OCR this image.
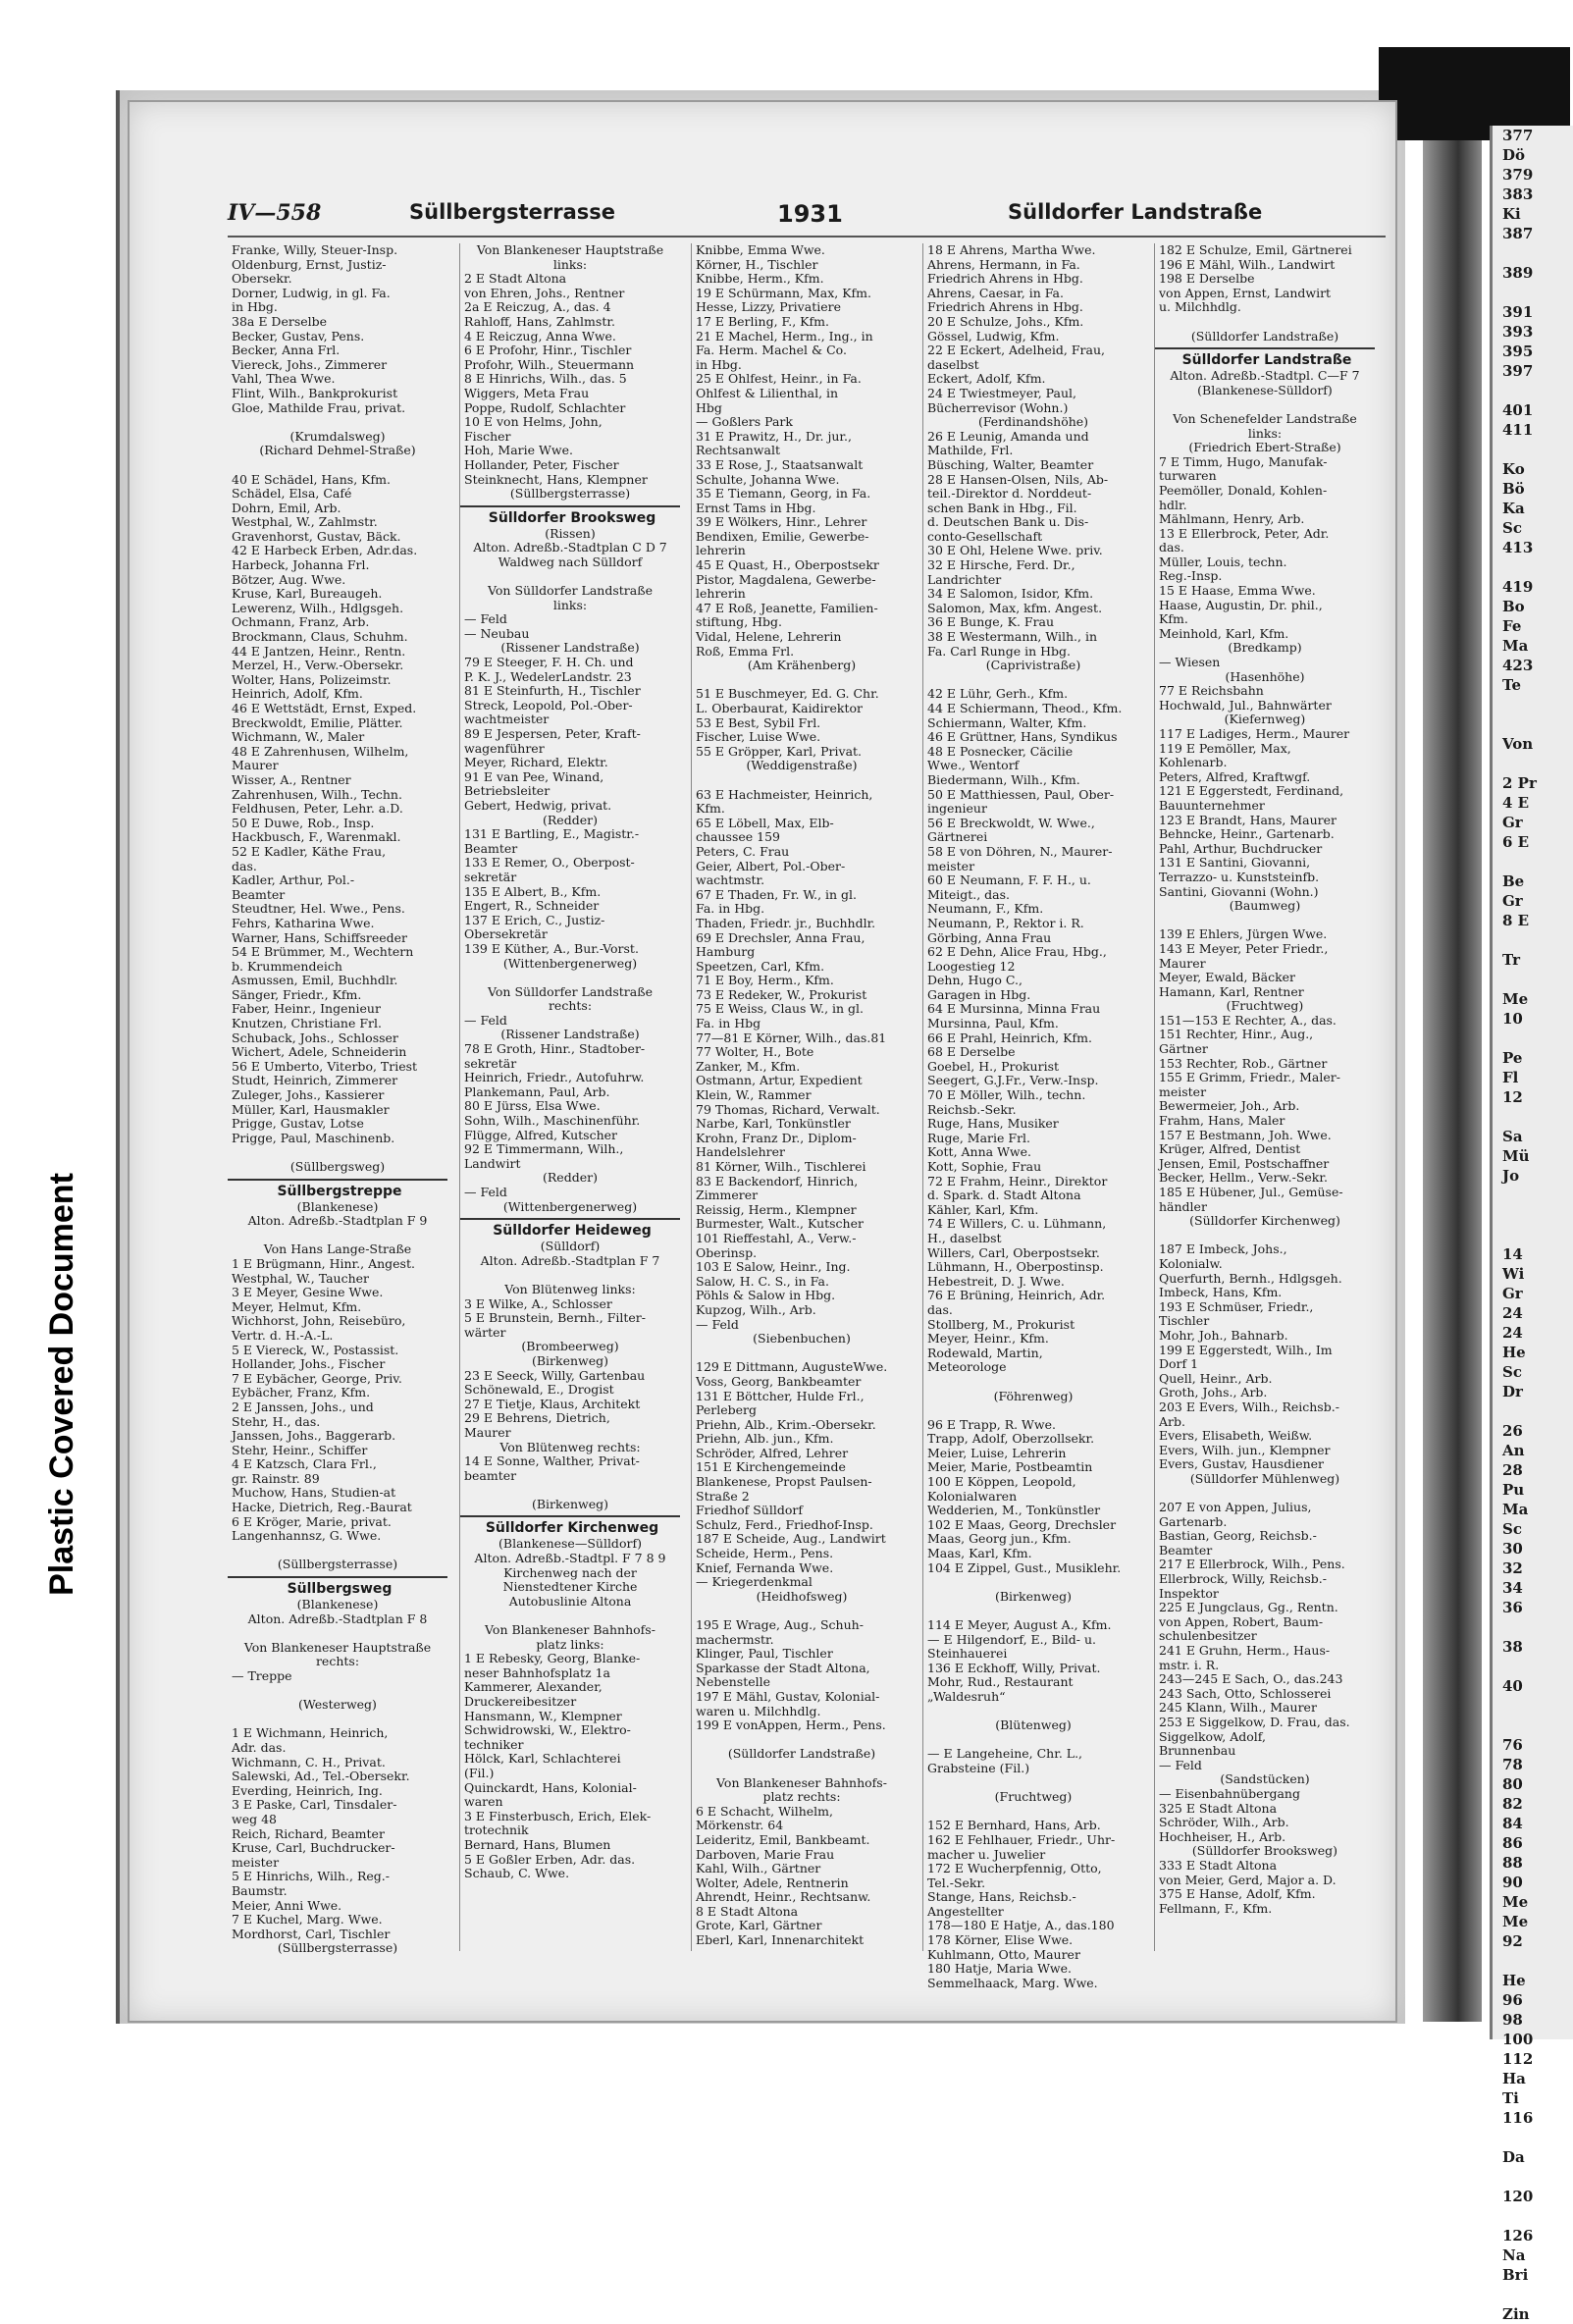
377
Dö
379
383
Ki
387

389

391
393
395
397

401
411

Ko
Bö
Ka
Sc
413

419
Bo
Fe
Ma
423
Te

Von

2 Pr
4 E
Gr
6 E

Be
Gr
8 E

Tr

Me
10

Pe
Fl
12

Sa
Mü
Jo

14
Wi
Gr
24
24
He
Sc
Dr

26
An
28
Pu
Ma
Sc
30
32
34
36

38

40

76
78
80
82
84
86
88
90
Me
Me
92

He
96
98
100
112
Ha
Ti
116

Da

120

126
Na
Bri

Zin
Plastic Covered Document
IV—558	Süllbergsterrasse	1931	Sülldorfer Landstraße
Franke, Willy, Steuer-Insp.
Oldenburg, Ernst, Justiz-
Obersekr.
Dorner, Ludwig, in gl. Fa.
in Hbg.
38a E Derselbe
Becker, Gustav, Pens.
Becker, Anna Frl.
Viereck, Johs., Zimmerer
Vahl, Thea Wwe.
Flint, Wilh., Bankprokurist
Gloe, Mathilde Frau, privat.

(Krumdalsweg)
(Richard Dehmel-Straße)

40 E Schädel, Hans, Kfm.
Schädel, Elsa, Café
Dohrn, Emil, Arb.
Westphal, W., Zahlmstr.
Gravenhorst, Gustav, Bäck.
42 E Harbeck Erben, Adr.das.
Harbeck, Johanna Frl.
Bötzer, Aug. Wwe.
Kruse, Karl, Bureaugeh.
Lewerenz, Wilh., Hdlgsgeh.
Ochmann, Franz, Arb.
Brockmann, Claus, Schuhm.
44 E Jantzen, Heinr., Rentn.
Merzel, H., Verw.-Obersekr.
Wolter, Hans, Polizeimstr.
Heinrich, Adolf, Kfm.
46 E Wettstädt, Ernst, Exped.
Breckwoldt, Emilie, Plätter.
Wichmann, W., Maler
48 E Zahrenhusen, Wilhelm,
Maurer
Wisser, A., Rentner
Zahrenhusen, Wilh., Techn.
Feldhusen, Peter, Lehr. a.D.
50 E Duwe, Rob., Insp.
Hackbusch, F., Warenmakl.
52 E Kadler, Käthe Frau,
das.
Kadler, Arthur, Pol.-
Beamter
Steudtner, Hel. Wwe., Pens.
Fehrs, Katharina Wwe.
Warner, Hans, Schiffsreeder
54 E Brümmer, M., Wechtern
b. Krummendeich
Asmussen, Emil, Buchhdlr.
Sänger, Friedr., Kfm.
Faber, Heinr., Ingenieur
Knutzen, Christiane Frl.
Schuback, Johs., Schlosser
Wichert, Adele, Schneiderin
56 E Umberto, Viterbo, Triest
Studt, Heinrich, Zimmerer
Zuleger, Johs., Kassierer
Müller, Karl, Hausmakler
Prigge, Gustav, Lotse
Prigge, Paul, Maschinenb.

(Süllbergsweg)
Süllbergstreppe
(Blankenese)
Alton. Adreßb.-Stadtplan F 9

Von Hans Lange-Straße
1 E Brügmann, Hinr., Angest.
Westphal, W., Taucher
3 E Meyer, Gesine Wwe.
Meyer, Helmut, Kfm.
Wichhorst, John, Reisebüro,
Vertr. d. H.-A.-L.
5 E Viereck, W., Postassist.
Hollander, Johs., Fischer
7 E Eybächer, George, Priv.
Eybächer, Franz, Kfm.
2 E Janssen, Johs., und
Stehr, H., das.
Janssen, Johs., Baggerarb.
Stehr, Heinr., Schiffer
4 E Katzsch, Clara Frl.,
gr. Rainstr. 89
Muchow, Hans, Studien-at
Hacke, Dietrich, Reg.-Baurat
6 E Kröger, Marie, privat.
Langenhannsz, G. Wwe.

(Süllbergsterrasse)
Süllbergsweg
(Blankenese)
Alton. Adreßb.-Stadtplan F 8

Von Blankeneser Hauptstraße
rechts:
— Treppe

(Westerweg)

1 E Wichmann, Heinrich,
Adr. das.
Wichmann, C. H., Privat.
Salewski, Ad., Tel.-Obersekr.
Everding, Heinrich, Ing.
3 E Paske, Carl, Tinsdaler-
weg 48
Reich, Richard, Beamter
Kruse, Carl, Buchdrucker-
meister
5 E Hinrichs, Wilh., Reg.-
Baumstr.
Meier, Anni Wwe.
7 E Kuchel, Marg. Wwe.
Mordhorst, Carl, Tischler
(Süllbergsterrasse)
Von Blankeneser Hauptstraße
links:
2 E Stadt Altona
von Ehren, Johs., Rentner
2a E Reiczug, A., das. 4
Rahloff, Hans, Zahlmstr.
4 E Reiczug, Anna Wwe.
6 E Profohr, Hinr., Tischler
Profohr, Wilh., Steuermann
8 E Hinrichs, Wilh., das. 5
Wiggers, Meta Frau
Poppe, Rudolf, Schlachter
10 E von Helms, John,
Fischer
Hoh, Marie Wwe.
Hollander, Peter, Fischer
Steinknecht, Hans, Klempner
(Süllbergsterrasse)
Sülldorfer Brooksweg
(Rissen)
Alton. Adreßb.-Stadtplan C D 7
Waldweg nach Sülldorf

Von Sülldorfer Landstraße
links:
— Feld
— Neubau
(Rissener Landstraße)
79 E Steeger, F. H. Ch. und
P. K. J., WedelerLandstr. 23
81 E Steinfurth, H., Tischler
Streck, Leopold, Pol.-Ober-
wachtmeister
89 E Jespersen, Peter, Kraft-
wagenführer
Meyer, Richard, Elektr.
91 E van Pee, Winand,
Betriebsleiter
Gebert, Hedwig, privat.
(Redder)
131 E Bartling, E., Magistr.-
Beamter
133 E Remer, O., Oberpost-
sekretär
135 E Albert, B., Kfm.
Engert, R., Schneider
137 E Erich, C., Justiz-
Obersekretär
139 E Küther, A., Bur.-Vorst.
(Wittenbergenerweg)

Von Sülldorfer Landstraße
rechts:
— Feld
(Rissener Landstraße)
78 E Groth, Hinr., Stadtober-
sekretär
Heinrich, Friedr., Autofuhrw.
Plankemann, Paul, Arb.
80 E Jürss, Elsa Wwe.
Sohn, Wilh., Maschinenführ.
Flügge, Alfred, Kutscher
92 E Timmermann, Wilh.,
Landwirt
(Redder)
— Feld
(Wittenbergenerweg)
Sülldorfer Heideweg
(Sülldorf)
Alton. Adreßb.-Stadtplan F 7

Von Blütenweg links:
3 E Wilke, A., Schlosser
5 E Brunstein, Bernh., Filter-
wärter
(Brombeerweg)
(Birkenweg)
23 E Seeck, Willy, Gartenbau
Schönewald, E., Drogist
27 E Tietje, Klaus, Architekt
29 E Behrens, Dietrich,
Maurer
Von Blütenweg rechts:
14 E Sonne, Walther, Privat-
beamter

(Birkenweg)
Sülldorfer Kirchenweg
(Blankenese—Sülldorf)
Alton. Adreßb.-Stadtpl. F 7 8 9
Kirchenweg nach der
Nienstedtener Kirche
Autobuslinie Altona

Von Blankeneser Bahnhofs-
platz links:
1 E Rebesky, Georg, Blanke-
neser Bahnhofsplatz 1a
Kammerer, Alexander,
Druckereibesitzer
Hansmann, W., Klempner
Schwidrowski, W., Elektro-
techniker
Hölck, Karl, Schlachterei
(Fil.)
Quinckardt, Hans, Kolonial-
waren
3 E Finsterbusch, Erich, Elek-
trotechnik
Bernard, Hans, Blumen
5 E Goßler Erben, Adr. das.
Schaub, C. Wwe.
Knibbe, Emma Wwe.
Körner, H., Tischler
Knibbe, Herm., Kfm.
19 E Schürmann, Max, Kfm.
Hesse, Lizzy, Privatiere
17 E Berling, F., Kfm.
21 E Machel, Herm., Ing., in
Fa. Herm. Machel & Co.
in Hbg.
25 E Ohlfest, Heinr., in Fa.
Ohlfest & Lilienthal, in
Hbg
— Goßlers Park
31 E Prawitz, H., Dr. jur.,
Rechtsanwalt
33 E Rose, J., Staatsanwalt
Schulte, Johanna Wwe.
35 E Tiemann, Georg, in Fa.
Ernst Tams in Hbg.
39 E Wölkers, Hinr., Lehrer
Bendixen, Emilie, Gewerbe-
lehrerin
45 E Quast, H., Oberpostsekr
Pistor, Magdalena, Gewerbe-
lehrerin
47 E Roß, Jeanette, Familien-
stiftung, Hbg.
Vidal, Helene, Lehrerin
Roß, Emma Frl.
(Am Krähenberg)

51 E Buschmeyer, Ed. G. Chr.
L. Oberbaurat, Kaidirektor
53 E Best, Sybil Frl.
Fischer, Luise Wwe.
55 E Gröpper, Karl, Privat.
(Weddigenstraße)

63 E Hachmeister, Heinrich,
Kfm.
65 E Löbell, Max, Elb-
chaussee 159
Peters, C. Frau
Geier, Albert, Pol.-Ober-
wachtmstr.
67 E Thaden, Fr. W., in gl.
Fa. in Hbg.
Thaden, Friedr. jr., Buchhdlr.
69 E Drechsler, Anna Frau,
Hamburg
Speetzen, Carl, Kfm.
71 E Boy, Herm., Kfm.
73 E Redeker, W., Prokurist
75 E Weiss, Claus W., in gl.
Fa. in Hbg
77—81 E Körner, Wilh., das.81
77 Wolter, H., Bote
Zanker, M., Kfm.
Ostmann, Artur, Expedient
Klein, W., Rammer
79 Thomas, Richard, Verwalt.
Narbe, Karl, Tonkünstler
Krohn, Franz Dr., Diplom-
Handelslehrer
81 Körner, Wilh., Tischlerei
83 E Backendorf, Hinrich,
Zimmerer
Reissig, Herm., Klempner
Burmester, Walt., Kutscher
101 Rieffestahl, A., Verw.-
Oberinsp.
103 E Salow, Heinr., Ing.
Salow, H. C. S., in Fa.
Pöhls & Salow in Hbg.
Kupzog, Wilh., Arb.
— Feld
(Siebenbuchen)

129 E Dittmann, AugusteWwe.
Voss, Georg, Bankbeamter
131 E Böttcher, Hulde Frl.,
Perleberg
Priehn, Alb., Krim.-Obersekr.
Priehn, Alb. jun., Kfm.
Schröder, Alfred, Lehrer
151 E Kirchengemeinde
Blankenese, Propst Paulsen-
Straße 2
Friedhof Sülldorf
Schulz, Ferd., Friedhof-Insp.
187 E Scheide, Aug., Landwirt
Scheide, Herm., Pens.
Knief, Fernanda Wwe.
— Kriegerdenkmal
(Heidhofsweg)

195 E Wrage, Aug., Schuh-
machermstr.
Klinger, Paul, Tischler
Sparkasse der Stadt Altona,
Nebenstelle
197 E Mähl, Gustav, Kolonial-
waren u. Milchhdlg.
199 E vonAppen, Herm., Pens.

(Sülldorfer Landstraße)

Von Blankeneser Bahnhofs-
platz rechts:
6 E Schacht, Wilhelm,
Mörkenstr. 64
Leideritz, Emil, Bankbeamt.
Darboven, Marie Frau
Kahl, Wilh., Gärtner
Wolter, Adele, Rentnerin
Ahrendt, Heinr., Rechtsanw.
8 E Stadt Altona
Grote, Karl, Gärtner
Eberl, Karl, Innenarchitekt
18 E Ahrens, Martha Wwe.
Ahrens, Hermann, in Fa.
Friedrich Ahrens in Hbg.
Ahrens, Caesar, in Fa.
Friedrich Ahrens in Hbg.
20 E Schulze, Johs., Kfm.
Gössel, Ludwig, Kfm.
22 E Eckert, Adelheid, Frau,
daselbst
Eckert, Adolf, Kfm.
24 E Twiestmeyer, Paul,
Bücherrevisor (Wohn.)
(Ferdinandshöhe)
26 E Leunig, Amanda und
Mathilde, Frl.
Büsching, Walter, Beamter
28 E Hansen-Olsen, Nils, Ab-
teil.-Direktor d. Norddeut-
schen Bank in Hbg., Fil.
d. Deutschen Bank u. Dis-
conto-Gesellschaft
30 E Ohl, Helene Wwe. priv.
32 E Hirsche, Ferd. Dr.,
Landrichter
34 E Salomon, Isidor, Kfm.
Salomon, Max, kfm. Angest.
36 E Bunge, K. Frau
38 E Westermann, Wilh., in
Fa. Carl Runge in Hbg.
(Caprivistraße)

42 E Lühr, Gerh., Kfm.
44 E Schiermann, Theod., Kfm.
Schiermann, Walter, Kfm.
46 E Grüttner, Hans, Syndikus
48 E Posnecker, Cäcilie
Wwe., Wentorf
Biedermann, Wilh., Kfm.
50 E Matthiessen, Paul, Ober-
ingenieur
56 E Breckwoldt, W. Wwe.,
Gärtnerei
58 E von Döhren, N., Maurer-
meister
60 E Neumann, F. F. H., u.
Miteigt., das.
Neumann, F., Kfm.
Neumann, P., Rektor i. R.
Görbing, Anna Frau
62 E Dehn, Alice Frau, Hbg.,
Loogestieg 12
Dehn, Hugo C.,
Garagen in Hbg.
64 E Mursinna, Minna Frau
Mursinna, Paul, Kfm.
66 E Prahl, Heinrich, Kfm.
68 E Derselbe
Goebel, H., Prokurist
Seegert, G.J.Fr., Verw.-Insp.
70 E Möller, Wilh., techn.
Reichsb.-Sekr.
Ruge, Hans, Musiker
Ruge, Marie Frl.
Kott, Anna Wwe.
Kott, Sophie, Frau
72 E Frahm, Heinr., Direktor
d. Spark. d. Stadt Altona
Kähler, Karl, Kfm.
74 E Willers, C. u. Lühmann,
H., daselbst
Willers, Carl, Oberpostsekr.
Lühmann, H., Oberpostinsp.
Hebestreit, D. J. Wwe.
76 E Brüning, Heinrich, Adr.
das.
Stollberg, M., Prokurist
Meyer, Heinr., Kfm.
Rodewald, Martin,
Meteorologe

(Föhrenweg)

96 E Trapp, R. Wwe.
Trapp, Adolf, Oberzollsekr.
Meier, Luise, Lehrerin
Meier, Marie, Postbeamtin
100 E Köppen, Leopold,
Kolonialwaren
Wedderien, M., Tonkünstler
102 E Maas, Georg, Drechsler
Maas, Georg jun., Kfm.
Maas, Karl, Kfm.
104 E Zippel, Gust., Musiklehr.

(Birkenweg)

114 E Meyer, August A., Kfm.
— E Hilgendorf, E., Bild- u.
Steinhauerei
136 E Eckhoff, Willy, Privat.
Mohr, Rud., Restaurant
„Waldesruh“

(Blütenweg)

— E Langeheine, Chr. L.,
Grabsteine (Fil.)

(Fruchtweg)

152 E Bernhard, Hans, Arb.
162 E Fehlhauer, Friedr., Uhr-
macher u. Juwelier
172 E Wucherpfennig, Otto,
Tel.-Sekr.
Stange, Hans, Reichsb.-
Angestellter
178—180 E Hatje, A., das.180
178 Körner, Elise Wwe.
Kuhlmann, Otto, Maurer
180 Hatje, Maria Wwe.
Semmelhaack, Marg. Wwe.
182 E Schulze, Emil, Gärtnerei
196 E Mähl, Wilh., Landwirt
198 E Derselbe
von Appen, Ernst, Landwirt
u. Milchhdlg.

(Sülldorfer Landstraße)
Sülldorfer Landstraße
Alton. Adreßb.-Stadtpl. C—F 7
(Blankenese-Sülldorf)

Von Schenefelder Landstraße
links:
(Friedrich Ebert-Straße)
7 E Timm, Hugo, Manufak-
turwaren
Peemöller, Donald, Kohlen-
hdlr.
Mählmann, Henry, Arb.
13 E Ellerbrock, Peter, Adr.
das.
Müller, Louis, techn.
Reg.-Insp.
15 E Haase, Emma Wwe.
Haase, Augustin, Dr. phil.,
Kfm.
Meinhold, Karl, Kfm.
(Bredkamp)
— Wiesen
(Hasenhöhe)
77 E Reichsbahn
Hochwald, Jul., Bahnwärter
(Kiefernweg)
117 E Ladiges, Herm., Maurer
119 E Pemöller, Max,
Kohlenarb.
Peters, Alfred, Kraftwgf.
121 E Eggerstedt, Ferdinand,
Bauunternehmer
123 E Brandt, Hans, Maurer
Behncke, Heinr., Gartenarb.
Pahl, Arthur, Buchdrucker
131 E Santini, Giovanni,
Terrazzo- u. Kunststeinfb.
Santini, Giovanni (Wohn.)
(Baumweg)

139 E Ehlers, Jürgen Wwe.
143 E Meyer, Peter Friedr.,
Maurer
Meyer, Ewald, Bäcker
Hamann, Karl, Rentner
(Fruchtweg)
151—153 E Rechter, A., das.
151 Rechter, Hinr., Aug.,
Gärtner
153 Rechter, Rob., Gärtner
155 E Grimm, Friedr., Maler-
meister
Bewermeier, Joh., Arb.
Frahm, Hans, Maler
157 E Bestmann, Joh. Wwe.
Krüger, Alfred, Dentist
Jensen, Emil, Postschaffner
Becker, Hellm., Verw.-Sekr.
185 E Hübener, Jul., Gemüse-
händler
(Sülldorfer Kirchenweg)

187 E Imbeck, Johs.,
Kolonialw.
Querfurth, Bernh., Hdlgsgeh.
Imbeck, Hans, Kfm.
193 E Schmüser, Friedr.,
Tischler
Mohr, Joh., Bahnarb.
199 E Eggerstedt, Wilh., Im
Dorf 1
Quell, Heinr., Arb.
Groth, Johs., Arb.
203 E Evers, Wilh., Reichsb.-
Arb.
Evers, Elisabeth, Weißw.
Evers, Wilh. jun., Klempner
Evers, Gustav, Hausdiener
(Sülldorfer Mühlenweg)

207 E von Appen, Julius,
Gartenarb.
Bastian, Georg, Reichsb.-
Beamter
217 E Ellerbrock, Wilh., Pens.
Ellerbrock, Willy, Reichsb.-
Inspektor
225 E Jungclaus, Gg., Rentn.
von Appen, Robert, Baum-
schulenbesitzer
241 E Gruhn, Herm., Haus-
mstr. i. R.
243—245 E Sach, O., das.243
243 Sach, Otto, Schlosserei
245 Klann, Wilh., Maurer
253 E Siggelkow, D. Frau, das.
Siggelkow, Adolf,
Brunnenbau
— Feld
(Sandstücken)
— Eisenbahnübergang
325 E Stadt Altona
Schröder, Wilh., Arb.
Hochheiser, H., Arb.
(Sülldorfer Brooksweg)
333 E Stadt Altona
von Meier, Gerd, Major a. D.
375 E Hanse, Adolf, Kfm.
Fellmann, F., Kfm.
